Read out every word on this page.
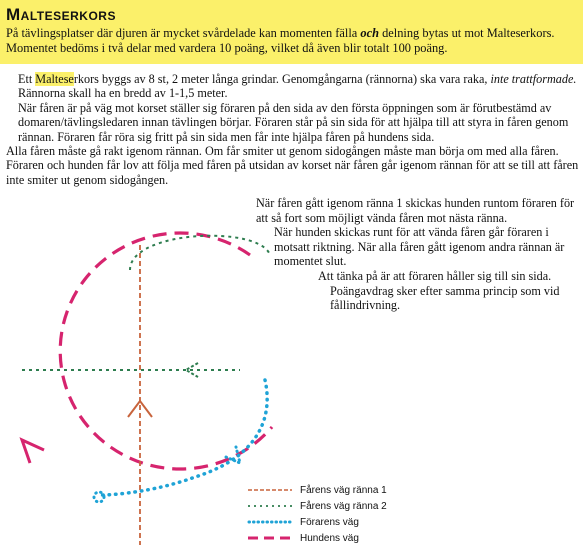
Malteserkors

På tävlingsplatser där djuren är mycket svårdelade kan momenten fälla och delning bytas ut mot Malteserkors. Momentet bedöms i två delar med vardera 10 poäng, vilket då även blir totalt 100 poäng.

Ett Malteserkors byggs av 8 st, 2 meter långa grindar. Genomgångarna (rännorna) ska vara raka, inte trattformade. Rännorna skall ha en bredd av 1-1,5 meter.

När fåren är på väg mot korset ställer sig föraren på den sida av den första öppningen som är förutbestämd av domaren/tävlingsledaren innan tävlingen börjar. Föraren står på sin sida för att hjälpa till att styra in fåren genom rännan. Föraren får röra sig fritt på sin sida men får inte hjälpa fåren på hundens sida.

Alla fåren måste gå rakt igenom rännan. Om får smiter ut genom sidogången måste man börja om med alla fåren. Föraren och hunden får lov att följa med fåren på utsidan av korset när fåren går igenom rännan för att se till att fåren inte smiter ut genom sidogången.

När fåren gått igenom ränna 1 skickas hunden runtom föraren för att så fort som möjligt vända fåren mot nästa ränna.

När hunden skickas runt för att vända fåren går föraren i motsatt riktning. När alla fåren gått igenom andra rännan är momentet slut.

Att tänka på är att föraren håller sig till sin sida.

Poängavdrag sker efter samma princip som vid fållindrivning.

Fårens väg ränna 1
Fårens väg ränna 2
Förarens väg
Hundens väg
